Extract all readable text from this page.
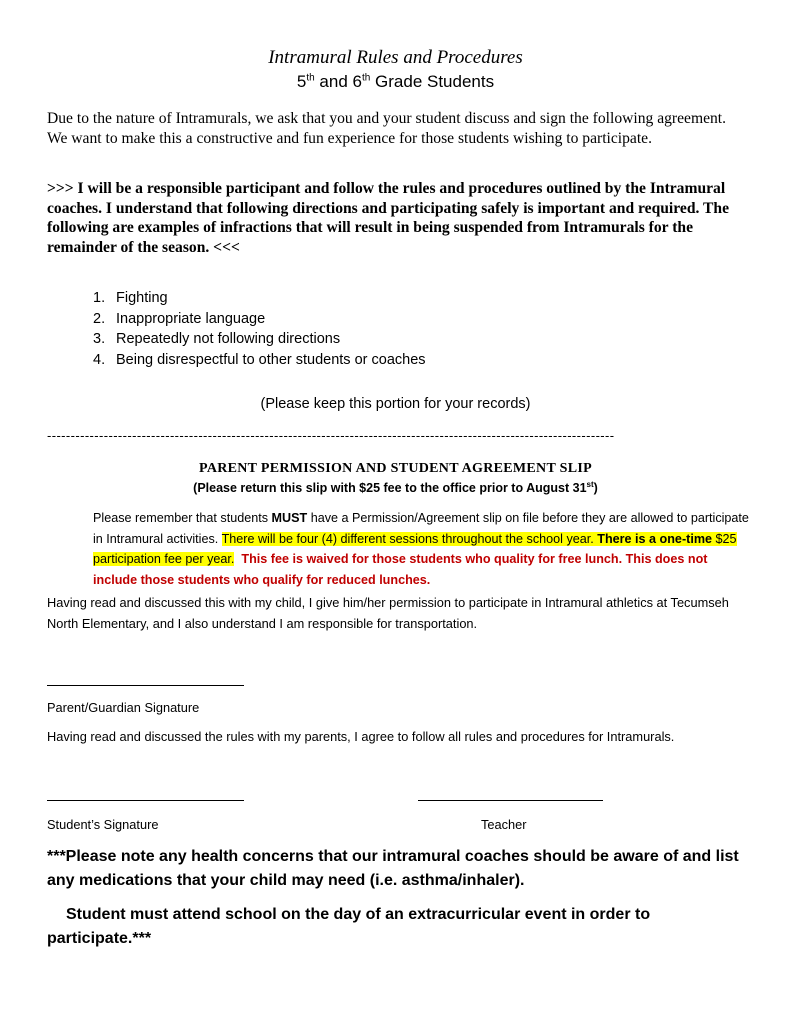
Intramural Rules and Procedures
5th and 6th Grade Students
Due to the nature of Intramurals, we ask that you and your student discuss and sign the following agreement. We want to make this a constructive and fun experience for those students wishing to participate.
>>> I will be a responsible participant and follow the rules and procedures outlined by the Intramural coaches. I understand that following directions and participating safely is important and required. The following are examples of infractions that will result in being suspended from Intramurals for the remainder of the season. <<<
1. Fighting
2. Inappropriate language
3. Repeatedly not following directions
4. Being disrespectful to other students or coaches
(Please keep this portion for your records)
------------------------------------------------------------------------------------------------------------------------
PARENT PERMISSION AND STUDENT AGREEMENT SLIP
(Please return this slip with $25 fee to the office prior to August 31st)
Please remember that students MUST have a Permission/Agreement slip on file before they are allowed to participate in Intramural activities. There will be four (4) different sessions throughout the school year. There is a one-time $25 participation fee per year. This fee is waived for those students who quality for free lunch. This does not include those students who qualify for reduced lunches.
Having read and discussed this with my child, I give him/her permission to participate in Intramural athletics at Tecumseh North Elementary, and I also understand I am responsible for transportation.
Parent/Guardian Signature
Having read and discussed the rules with my parents, I agree to follow all rules and procedures for Intramurals.
Student’s Signature	Teacher
***Please note any health concerns that our intramural coaches should be aware of and list any medications that your child may need (i.e. asthma/inhaler).
Student must attend school on the day of an extracurricular event in order to participate.***
